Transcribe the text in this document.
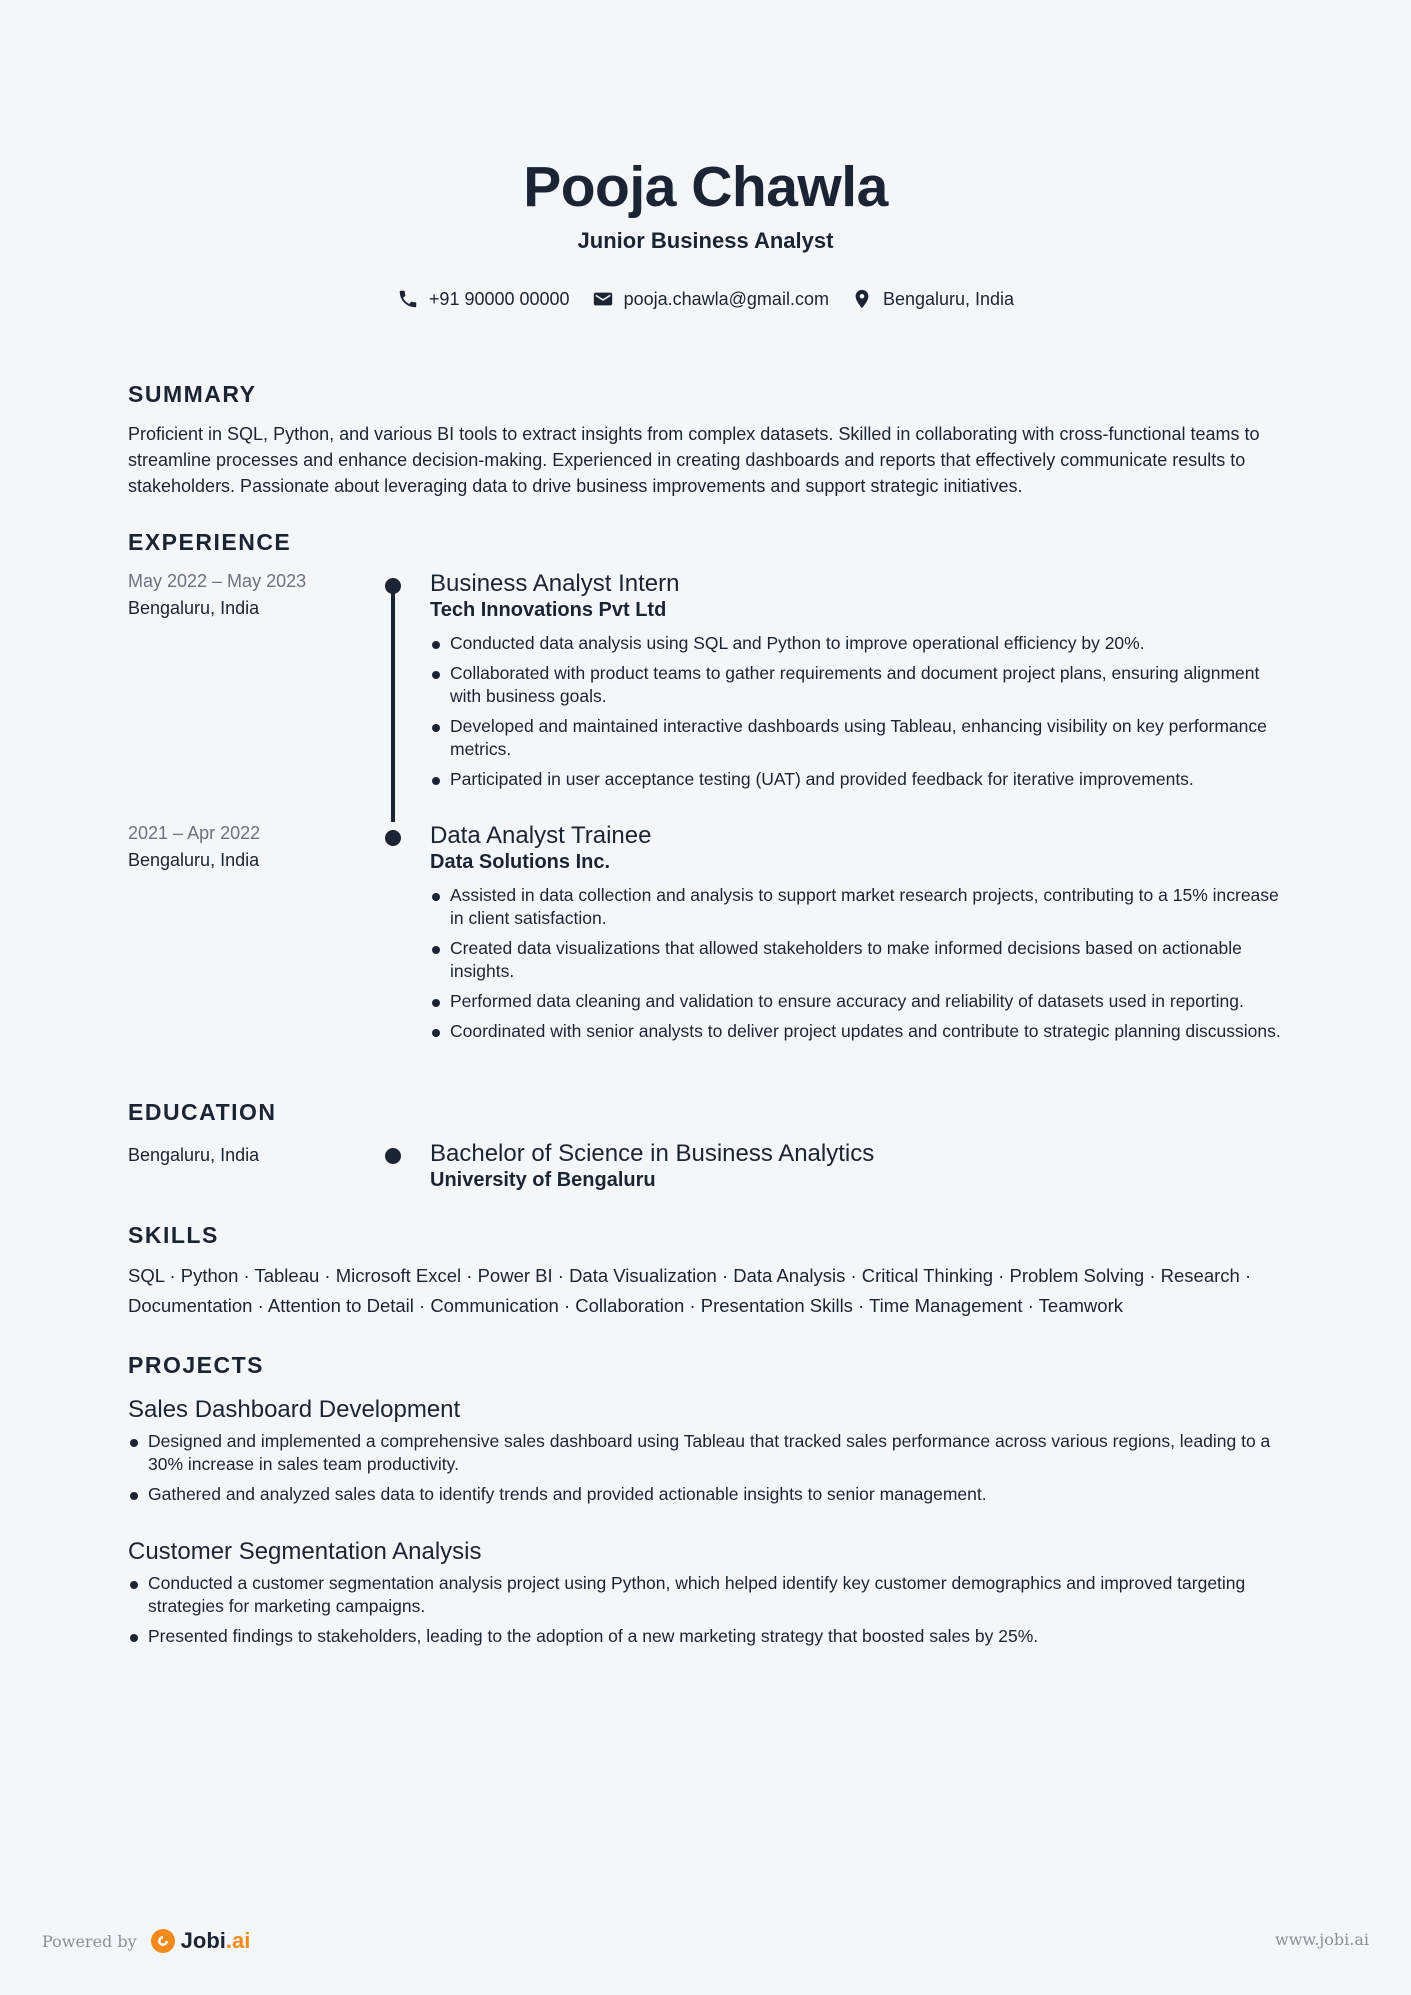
Pooja Chawla
Junior Business Analyst
+91 90000 00000	pooja.chawla@gmail.com	Bengaluru, India
SUMMARY
Proficient in SQL, Python, and various BI tools to extract insights from complex datasets. Skilled in collaborating with cross-functional teams to streamline processes and enhance decision-making. Experienced in creating dashboards and reports that effectively communicate results to stakeholders. Passionate about leveraging data to drive business improvements and support strategic initiatives.
EXPERIENCE
May 2022 – May 2023
Bengaluru, India
Business Analyst Intern
Tech Innovations Pvt Ltd
Conducted data analysis using SQL and Python to improve operational efficiency by 20%.
Collaborated with product teams to gather requirements and document project plans, ensuring alignment with business goals.
Developed and maintained interactive dashboards using Tableau, enhancing visibility on key performance metrics.
Participated in user acceptance testing (UAT) and provided feedback for iterative improvements.
2021 – Apr 2022
Bengaluru, India
Data Analyst Trainee
Data Solutions Inc.
Assisted in data collection and analysis to support market research projects, contributing to a 15% increase in client satisfaction.
Created data visualizations that allowed stakeholders to make informed decisions based on actionable insights.
Performed data cleaning and validation to ensure accuracy and reliability of datasets used in reporting.
Coordinated with senior analysts to deliver project updates and contribute to strategic planning discussions.
EDUCATION
Bengaluru, India	Bachelor of Science in Business Analytics
University of Bengaluru
SKILLS
SQL · Python · Tableau · Microsoft Excel · Power BI · Data Visualization · Data Analysis · Critical Thinking · Problem Solving · Research · Documentation · Attention to Detail · Communication · Collaboration · Presentation Skills · Time Management · Teamwork
PROJECTS
Sales Dashboard Development
Designed and implemented a comprehensive sales dashboard using Tableau that tracked sales performance across various regions, leading to a 30% increase in sales team productivity.
Gathered and analyzed sales data to identify trends and provided actionable insights to senior management.
Customer Segmentation Analysis
Conducted a customer segmentation analysis project using Python, which helped identify key customer demographics and improved targeting strategies for marketing campaigns.
Presented findings to stakeholders, leading to the adoption of a new marketing strategy that boosted sales by 25%.
Powered by Jobi.ai	www.jobi.ai
